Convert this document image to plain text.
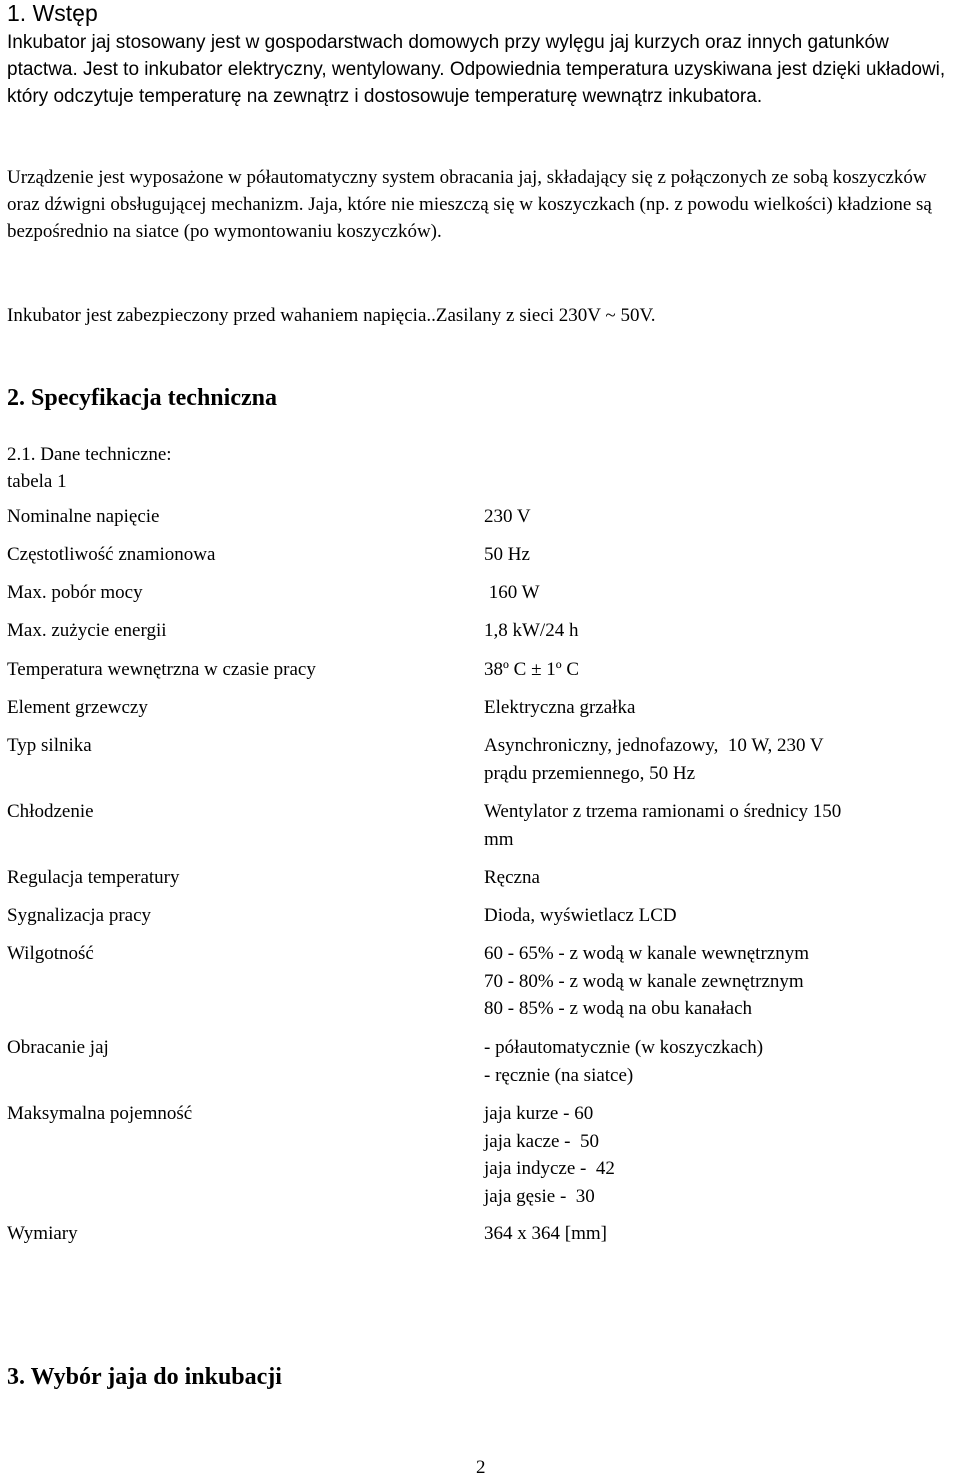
1. Wstęp

Inkubator jaj stosowany jest w gospodarstwach domowych przy wylęgu jaj kurzych oraz innych gatunków ptactwa. Jest to inkubator elektryczny, wentylowany. Odpowiednia temperatura uzyskiwana jest dzięki układowi, który odczytuje temperaturę na zewnątrz i dostosowuje temperaturę wewnątrz inkubatora.

Urządzenie jest wyposażone w półautomatyczny system obracania jaj, składający się z połączonych ze sobą koszyczków oraz dźwigni obsługującej mechanizm. Jaja, które nie mieszczą się w koszyczkach (np. z powodu wielkości) kładzione są bezpośrednio na siatce (po wymontowaniu koszyczków).

Inkubator jest zabezpieczony przed wahaniem napięcia..Zasilany z sieci 230V ~ 50V.

2. Specyfikacja techniczna

2.1. Dane techniczne:

tabela 1

Nominalne napięcie	230 V
Częstotliwość znamionowa	50 Hz
Max. pobór mocy	160 W
Max. zużycie energii	1,8 kW/24 h
Temperatura wewnętrzna w czasie pracy	38º C ± 1º C
Element grzewczy	Elektryczna grzałka
Typ silnika	Asynchroniczny, jednofazowy,  10 W, 230 V
prądu przemiennego, 50 Hz
Chłodzenie	Wentylator z trzema ramionami o średnicy 150
mm
Regulacja temperatury	Ręczna
Sygnalizacja pracy	Dioda, wyświetlacz LCD
Wilgotność	60 - 65% - z wodą w kanale wewnętrznym
70 - 80% - z wodą w kanale zewnętrznym
80 - 85% - z wodą na obu kanałach
Obracanie jaj	- półautomatycznie (w koszyczkach)
- ręcznie (na siatce)
Maksymalna pojemność	jaja kurze - 60
jaja kacze -  50
jaja indycze -  42
jaja gęsie -  30
Wymiary	364 x 364 [mm]
3. Wybór jaja do inkubacji
2
